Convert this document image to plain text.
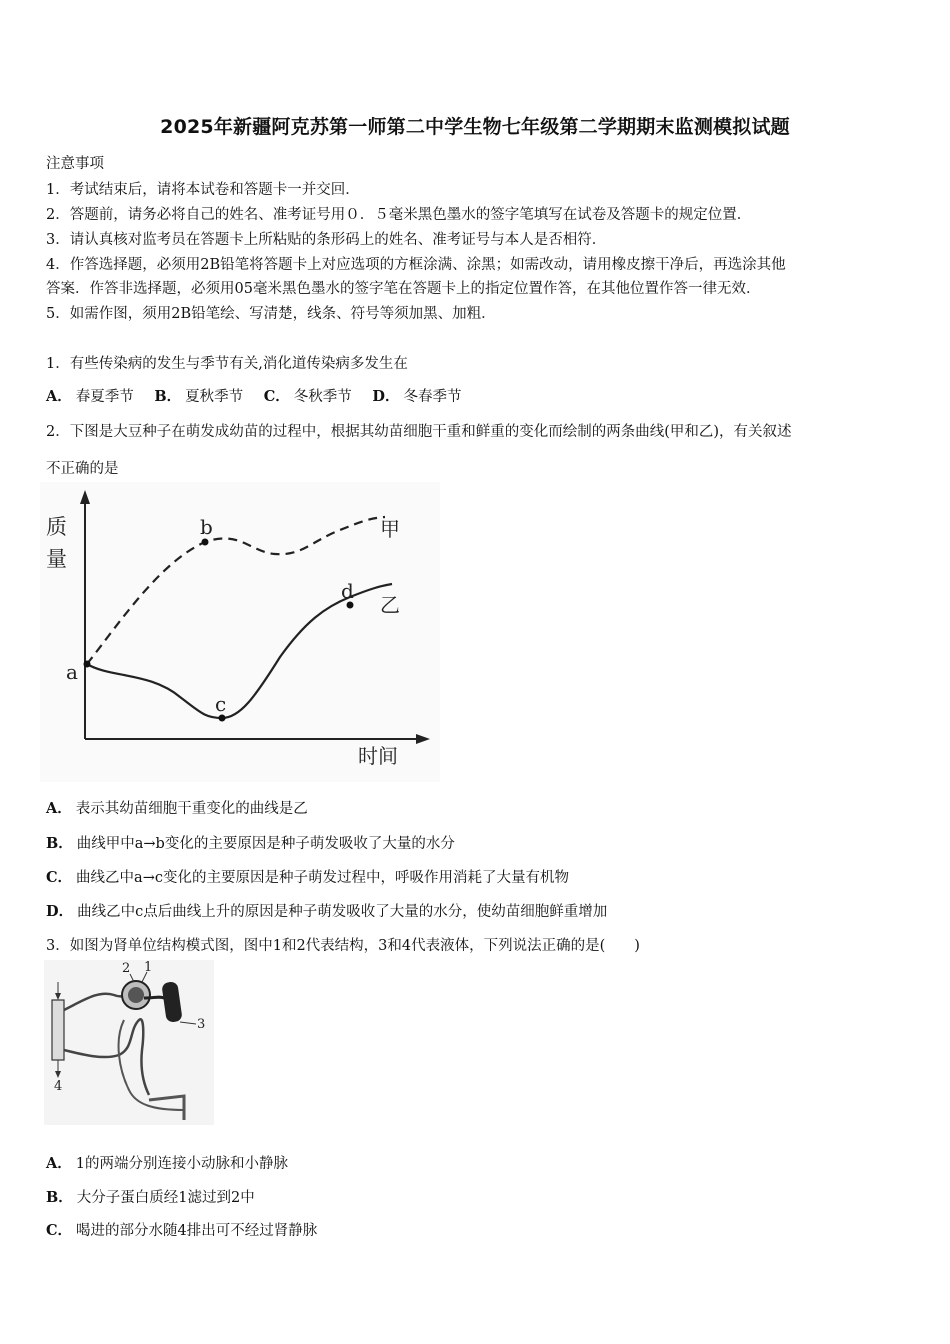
2025年新疆阿克苏第一师第二中学生物七年级第二学期期末监测模拟试题
注意事项
1．考试结束后，请将本试卷和答题卡一并交回．
2．答题前，请务必将自己的姓名、准考证号用０．５毫米黑色墨水的签字笔填写在试卷及答题卡的规定位置．
3．请认真核对监考员在答题卡上所粘贴的条形码上的姓名、准考证号与本人是否相符．
4．作答选择题，必须用2B铅笔将答题卡上对应选项的方框涂满、涂黑；如需改动，请用橡皮擦干净后，再选涂其他
答案．作答非选择题，必须用05毫米黑色墨水的签字笔在答题卡上的指定位置作答，在其他位置作答一律无效．
5．如需作图，须用2B铅笔绘、写清楚，线条、符号等须加黑、加粗．
1．有些传染病的发生与季节有关,消化道传染病多发生在
A． 春夏季节 B． 夏秋季节 C． 冬秋季节 D． 冬春季节
2．下图是大豆种子在萌发成幼苗的过程中，根据其幼苗细胞干重和鲜重的变化而绘制的两条曲线(甲和乙)，有关叙述
不正确的是
质
量
时间
a
b
c
d
甲
乙
A． 表示其幼苗细胞干重变化的曲线是乙
B． 曲线甲中a→b变化的主要原因是种子萌发吸收了大量的水分
C． 曲线乙中a→c变化的主要原因是种子萌发过程中，呼吸作用消耗了大量有机物
D． 曲线乙中c点后曲线上升的原因是种子萌发吸收了大量的水分，使幼苗细胞鲜重增加
3．如图为肾单位结构模式图，图中1和2代表结构，3和4代表液体，下列说法正确的是(　　)
2 1
3
4
A． 1的两端分别连接小动脉和小静脉
B． 大分子蛋白质经1滤过到2中
C． 喝进的部分水随4排出可不经过肾静脉
